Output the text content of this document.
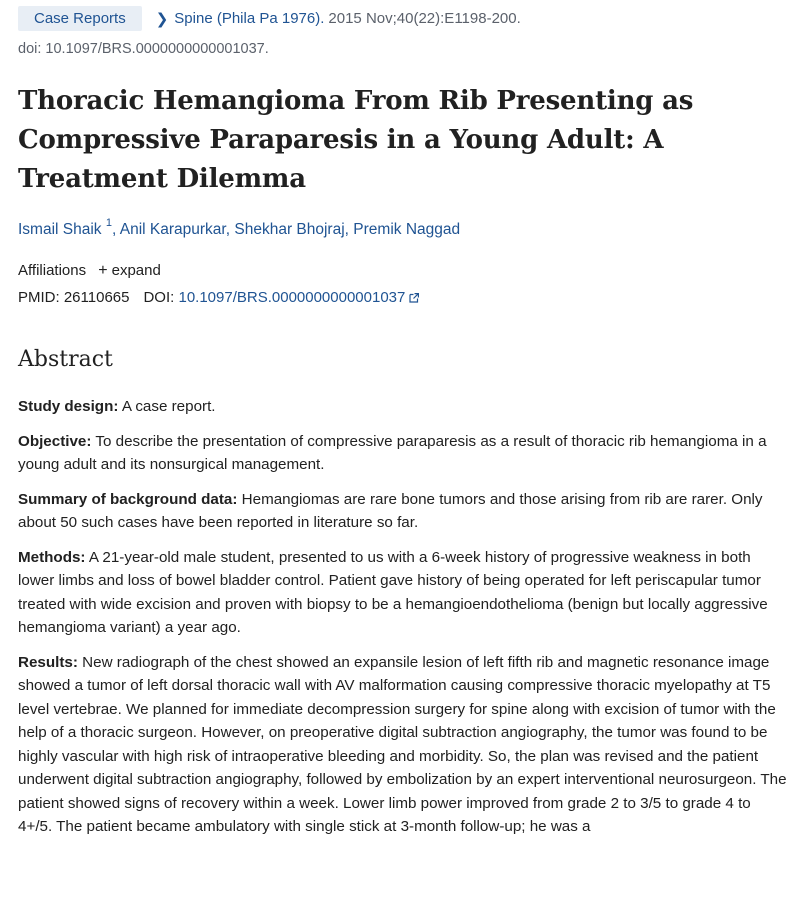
Case Reports	❯ Spine (Phila Pa 1976). 2015 Nov;40(22):E1198-200.
doi: 10.1097/BRS.0000000000001037.
Thoracic Hemangioma From Rib Presenting as Compressive Paraparesis in a Young Adult: A Treatment Dilemma
Ismail Shaik $^1$, Anil Karapurkar, Shekhar Bhojraj, Premik Naggad
Affiliations + expand
PMID: 26110665 DOI: 10.1097/BRS.0000000000001037
Abstract

Study design: A case report.

Objective: To describe the presentation of compressive paraparesis as a result of thoracic rib hemangioma in a young adult and its nonsurgical management.

Summary of background data: Hemangiomas are rare bone tumors and those arising from rib are rarer. Only about 50 such cases have been reported in literature so far.

Methods: A 21-year-old male student, presented to us with a 6-week history of progressive weakness in both lower limbs and loss of bowel bladder control. Patient gave history of being operated for left periscapular tumor treated with wide excision and proven with biopsy to be a hemangioendothelioma (benign but locally aggressive hemangioma variant) a year ago.

Results: New radiograph of the chest showed an expansile lesion of left fifth rib and magnetic resonance image showed a tumor of left dorsal thoracic wall with AV malformation causing compressive thoracic myelopathy at T5 level vertebrae. We planned for immediate decompression surgery for spine along with excision of tumor with the help of a thoracic surgeon. However, on preoperative digital subtraction angiography, the tumor was found to be highly vascular with high risk of intraoperative bleeding and morbidity. So, the plan was revised and the patient underwent digital subtraction angiography, followed by embolization by an expert interventional neurosurgeon. The patient showed signs of recovery within a week. Lower limb power improved from grade 2 to 3/5 to grade 4 to 4+/5. The patient became ambulatory with single stick at 3-month follow-up; he was a
